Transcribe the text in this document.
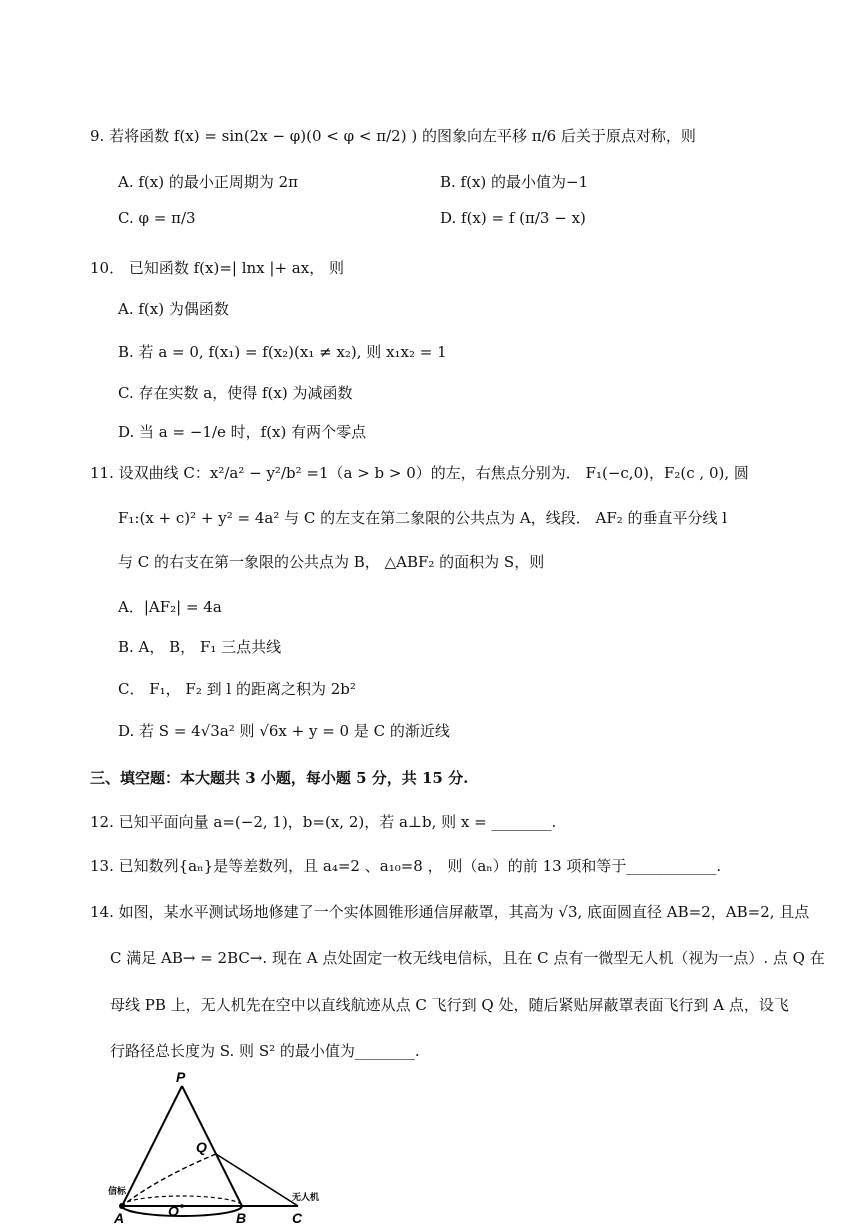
9. 若将函数 f(x) = sin(2x − φ)(0 < φ < π/2) ) 的图象向左平移 π/6 后关于原点对称，则
A. f(x) 的最小正周期为 2π	B. f(x) 的最小值为−1
C. φ = π/3	D. f(x) = f (π/3 − x)
10． 已知函数 f(x)=| lnx |+ ax， 则
A. f(x) 为偶函数
B. 若 a = 0, f(x₁) = f(x₂)(x₁ ≠ x₂), 则 x₁x₂ = 1
C. 存在实数 a，使得 f(x) 为减函数
D. 当 a = −1/e 时，f(x) 有两个零点
11. 设双曲线 C：x²/a² − y²/b² =1（a > b > 0）的左，右焦点分别为． F₁(−c,0)，F₂(c , 0), 圆
F₁:(x + c)² + y² = 4a² 与 C 的左支在第二象限的公共点为 A，线段． AF₂ 的垂直平分线 l
与 C 的右支在第一象限的公共点为 B， △ABF₂ 的面积为 S，则
A．|AF₂| = 4a
B. A， B， F₁ 三点共线
C． F₁， F₂ 到 l 的距离之积为 2b²
D. 若 S = 4√3a² 则 √6x + y = 0 是 C 的渐近线
三、填空题：本大题共 3 小题，每小题 5 分，共 15 分.
12. 已知平面向量 a=(−2, 1)，b=(x, 2)，若 a⊥b, 则 x = ________.
13. 已知数列{aₙ}是等差数列，且 a₄=2 、a₁₀=8 ， 则（aₙ）的前 13 项和等于____________.
14. 如图，某水平测试场地修建了一个实体圆锥形通信屏蔽罩，其高为 √3, 底面圆直径 AB=2，AB=2, 且点
C 满足 AB→ = 2BC→. 现在 A 点处固定一枚无线电信标，且在 C 点有一微型无人机（视为一点）. 点 Q 在
母线 PB 上，无人机先在空中以直线航迹从点 C 飞行到 Q 处，随后紧贴屏蔽罩表面飞行到 A 点，设飞
行路径总长度为 S. 则 S² 的最小值为________.
P
Q
A	O	B	C
信标
无人机
